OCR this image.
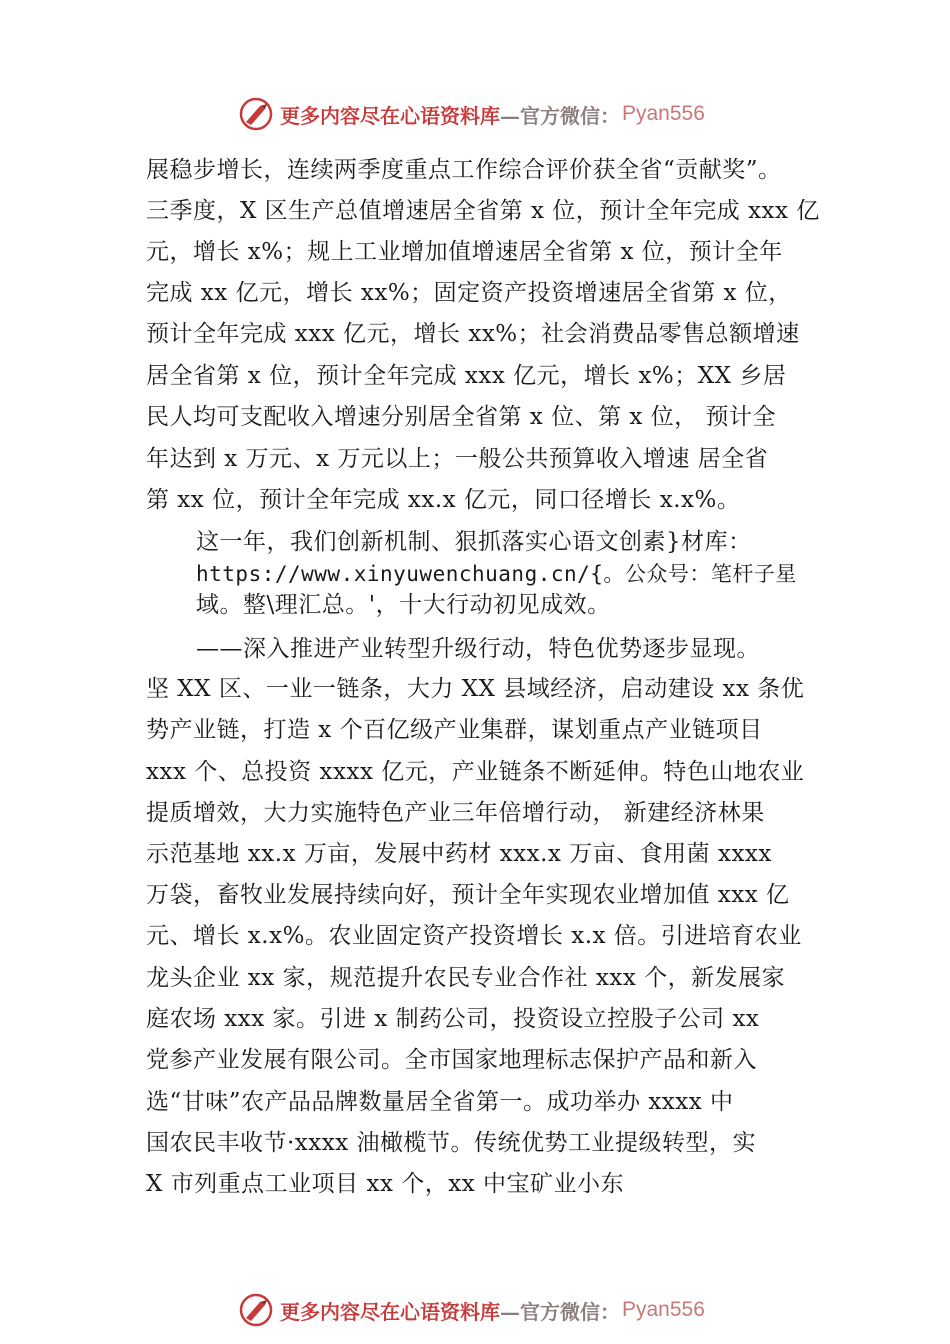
更多内容尽在心语资料库 —官方微信： Pyan556
展稳步增长，连续两季度重点工作综合评价获全省“贡献奖”。
三季度，X 区生产总值增速居全省第 x 位，预计全年完成 xxx 亿
元，增长 x%；规上工业增加值增速居全省第 x 位，预计全年
完成 xx 亿元，增长 xx%；固定资产投资增速居全省第 x 位，
预计全年完成 xxx 亿元，增长 xx%；社会消费品零售总额增速
居全省第 x 位，预计全年完成 xxx 亿元，增长 x%；XX 乡居
民人均可支配收入增速分别居全省第 x 位、第 x 位， 预计全
年达到 x 万元、x 万元以上；一般公共预算收入增速 居全省
第 xx 位，预计全年完成 xx.x 亿元，同口径增长 x.x%。
这一年，我们创新机制、狠抓落实心语文创素}材库：
https://www.xinyuwenchuang.cn/{。公众号：笔杆子星
域。整\理汇总。'，十大行动初见成效。
——深入推进产业转型升级行动，特色优势逐步显现。
坚 XX 区、一业一链条，大力 XX 县域经济，启动建设 xx 条优
势产业链，打造 x 个百亿级产业集群，谋划重点产业链项目
xxx 个、总投资 xxxx 亿元，产业链条不断延伸。特色山地农业
提质增效，大力实施特色产业三年倍增行动， 新建经济林果
示范基地 xx.x 万亩，发展中药材 xxx.x 万亩、食用菌 xxxx
万袋，畜牧业发展持续向好，预计全年实现农业增加值 xxx 亿
元、增长 x.x%。农业固定资产投资增长 x.x 倍。引进培育农业
龙头企业 xx 家，规范提升农民专业合作社 xxx 个，新发展家
庭农场 xxx 家。引进 x 制药公司，投资设立控股子公司 xx
党参产业发展有限公司。全市国家地理标志保护产品和新入
选“甘味”农产品品牌数量居全省第一。成功举办 xxxx 中
国农民丰收节·xxxx 油橄榄节。传统优势工业提级转型，实
X 市列重点工业项目 xx 个，xx 中宝矿业小东
更多内容尽在心语资料库 —官方微信： Pyan556
